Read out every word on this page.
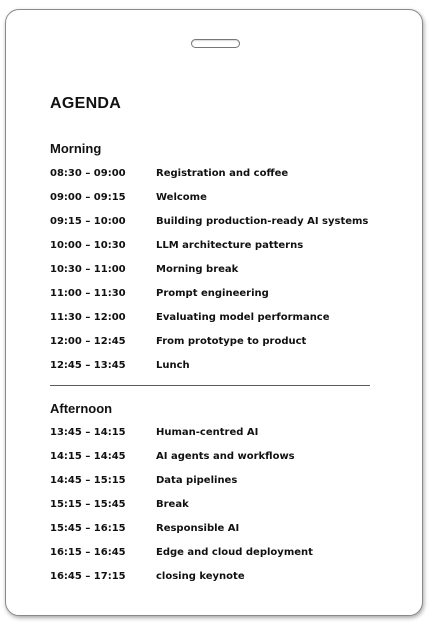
AGENDA
Morning
08:30 – 09:00	Registration and coffee
09:00 – 09:15	Welcome
09:15 – 10:00	Building production-ready AI systems
10:00 – 10:30	LLM architecture patterns
10:30 – 11:00	Morning break
11:00 – 11:30	Prompt engineering
11:30 – 12:00	Evaluating model performance
12:00 – 12:45	From prototype to product
12:45 – 13:45	Lunch
Afternoon
13:45 – 14:15	Human-centred AI
14:15 – 14:45	AI agents and workflows
14:45 – 15:15	Data pipelines
15:15 – 15:45	Break
15:45 – 16:15	Responsible AI
16:15 – 16:45	Edge and cloud deployment
16:45 – 17:15	closing keynote
